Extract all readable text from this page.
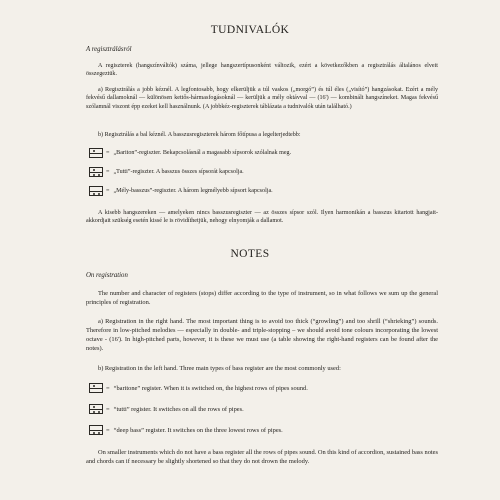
TUDNIVALÓK
A regisztrálásról
A regiszterek (hangszínváltók) száma, jellege hangszertípusonként változik, ezért a következőkben a regisztrálás általános elveit összegeztük.
a) Regisztrálás a jobb kéznél. A legfontosabb, hogy elkerüljük a túl vaskos („morgó”) és túl éles („visító”) hangzásokat. Ezért a mély fekvésű dallamoknál — különösen kettős-hármasfogásoknál — kerüljük a mély oktávval — (16') — kombinált hangszíneket. Magas fekvésű szólamnál viszont épp ezeket kell használnunk. (A jobbkéz-regiszterek táblázata a tudnivalók után található.)
b) Regisztrálás a bal kéznél. A basszusregiszterek három főtípusa a legelterjedtebb:
= „Bariton”-regiszter. Bekapcsolásnál a magasabb sípsorok szólalnak meg.
= „Tutti”-regiszter. A basszus összes sípsorát kapcsolja.
= „Mély-basszus”-regiszter. A három legmélyebb sípsort kapcsolja.
A kisebb hangszereken — amelyeken nincs basszusregiszter — az összes sípsor szól. Ilyen harmonikán a basszus kitartott hangjait-akkordjait szükség esetén kissé le is rövidíthetjük, nehogy elnyomják a dallamot.
NOTES
On registration
The number and character of registers (stops) differ according to the type of instrument, so in what follows we sum up the general principles of registration.
a) Registration in the right hand. The most important thing is to avoid too thick (“growling”) and too shrill (“shrieking”) sounds. Therefore in low-pitched melodies — especially in double- and triple-stopping – we should avoid tone colours incorporating the lowest octave - (16'). In high-pitched parts, however, it is these we must use (a table showing the right-hand registers can be found after the notes).
b) Registration in the left hand. Three main types of bass register are the most commonly used:
= “baritone” register. When it is switched on, the highest rows of pipes sound.
= “tutti” register. It switches on all the rows of pipes.
= “deep bass” register. It switches on the three lowest rows of pipes.
On smaller instruments which do not have a bass register all the rows of pipes sound. On this kind of accordion, sustained bass notes and chords can if necessary be slightly shortened so that they do not drown the melody.
